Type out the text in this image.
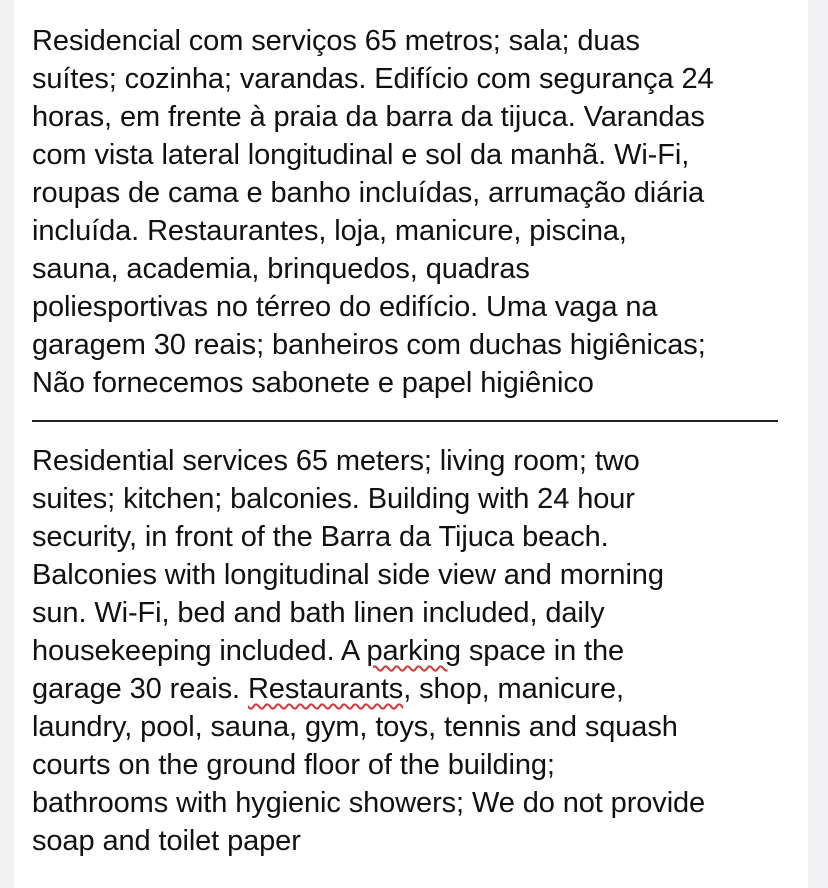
Residencial com serviços 65 metros; sala; duas
suítes; cozinha; varandas. Edifício com segurança 24
horas, em frente à praia da barra da tijuca. Varandas
com vista lateral longitudinal e sol da manhã. Wi-Fi,
roupas de cama e banho incluídas, arrumação diária
incluída. Restaurantes, loja, manicure, piscina,
sauna, academia, brinquedos, quadras
poliesportivas no térreo do edifício. Uma vaga na
garagem 30 reais; banheiros com duchas higiênicas;
Não fornecemos sabonete e papel higiênico
Residential services 65 meters; living room; two
suites; kitchen; balconies. Building with 24 hour
security, in front of the Barra da Tijuca beach.
Balconies with longitudinal side view and morning
sun. Wi-Fi, bed and bath linen included, daily
housekeeping included. A parking space in the
garage 30 reais. Restaurants, shop, manicure,
laundry, pool, sauna, gym, toys, tennis and squash
courts on the ground floor of the building;
bathrooms with hygienic showers; We do not provide
soap and toilet paper
